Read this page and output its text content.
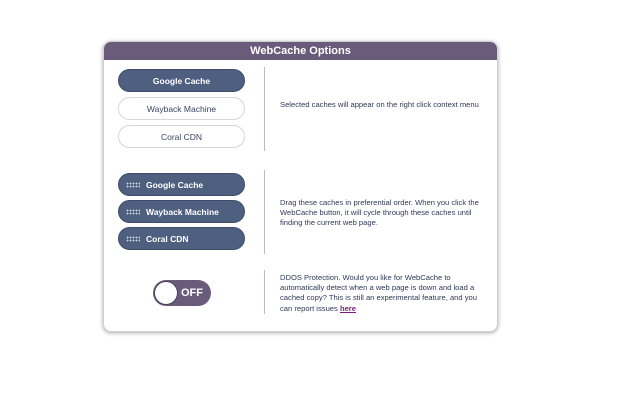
WebCache Options
Google Cache
Wayback Machine
Coral CDN
Selected caches will appear on the right click context menu
Google Cache
Wayback Machine
Coral CDN
Drag these caches in preferential order. When you click the WebCache button, it will cycle through these caches until finding the current web page.
OFF
DDOS Protection. Would you like for WebCache to automatically detect when a web page is down and load a cached copy? This is still an experimental feature, and you can report issues here
